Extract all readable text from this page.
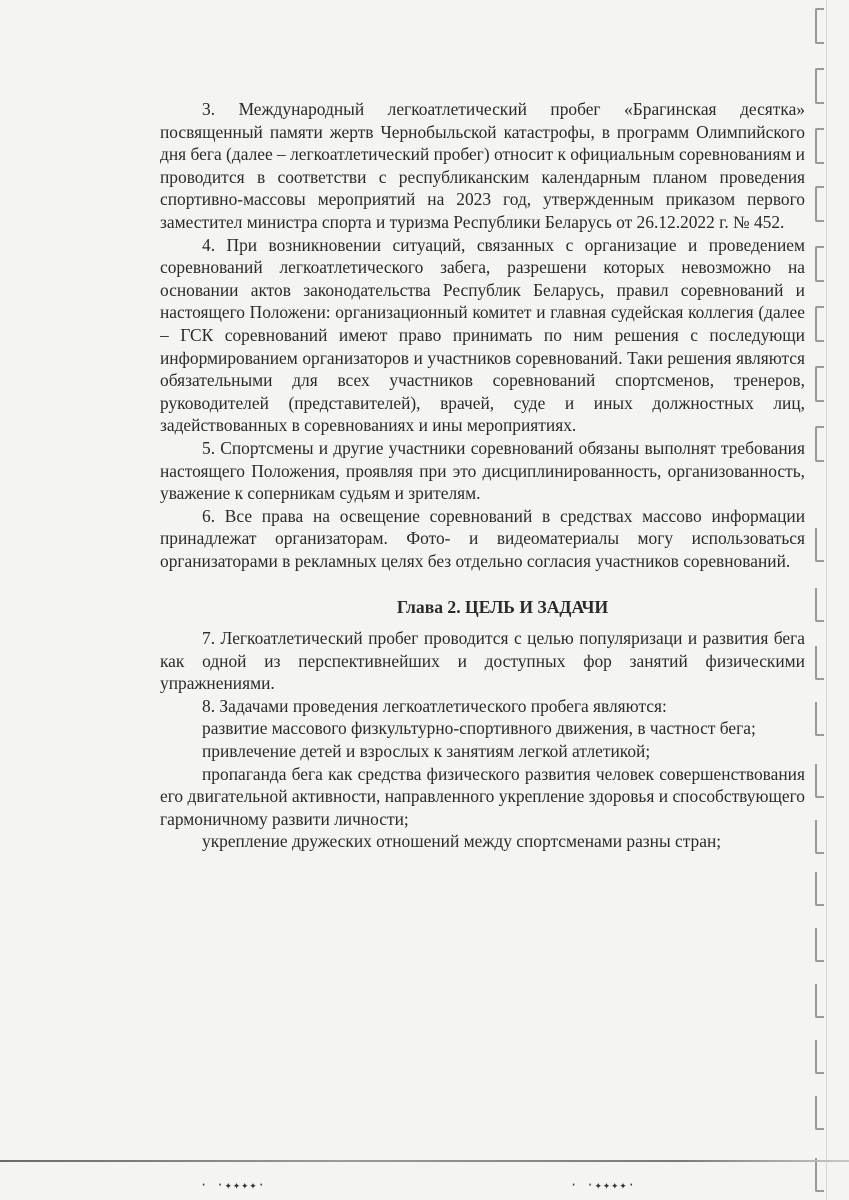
3. Международный легкоатлетический пробег «Брагинская десятка» посвященный памяти жертв Чернобыльской катастрофы, в программ Олимпийского дня бега (далее – легкоатлетический пробег) относит к официальным соревнованиям и проводится в соответстви с республиканским календарным планом проведения спортивно-массовы мероприятий на 2023 год, утвержденным приказом первого заместител министра спорта и туризма Республики Беларусь от 26.12.2022 г. № 452.

4. При возникновении ситуаций, связанных с организацие и проведением соревнований легкоатлетического забега, разрешени которых невозможно на основании актов законодательства Республик Беларусь, правил соревнований и настоящего Положени: организационный комитет и главная судейская коллегия (далее – ГСК соревнований имеют право принимать по ним решения с последующи информированием организаторов и участников соревнований. Таки решения являются обязательными для всех участников соревнований спортсменов, тренеров, руководителей (представителей), врачей, суде и иных должностных лиц, задействованных в соревнованиях и ины мероприятиях.

5. Спортсмены и другие участники соревнований обязаны выполнят требования настоящего Положения, проявляя при это дисциплинированность, организованность, уважение к соперникам судьям и зрителям.

6. Все права на освещение соревнований в средствах массово информации принадлежат организаторам. Фото- и видеоматериалы могу использоваться организаторами в рекламных целях без отдельно согласия участников соревнований.

Глава 2. ЦЕЛЬ И ЗАДАЧИ

7. Легкоатлетический пробег проводится с целью популяризаци и развития бега как одной из перспективнейших и доступных фор занятий физическими упражнениями.

8. Задачами проведения легкоатлетического пробега являются:

развитие массового физкультурно-спортивного движения, в частност бега;

привлечение детей и взрослых к занятиям легкой атлетикой;

пропаганда бега как средства физического развития человек совершенствования его двигательной активности, направленного укрепление здоровья и способствующего гармоничному развити личности;

укрепление дружеских отношений между спортсменами разны стран;

· ·✦✦✦✦·	· ·✦✦✦✦·
